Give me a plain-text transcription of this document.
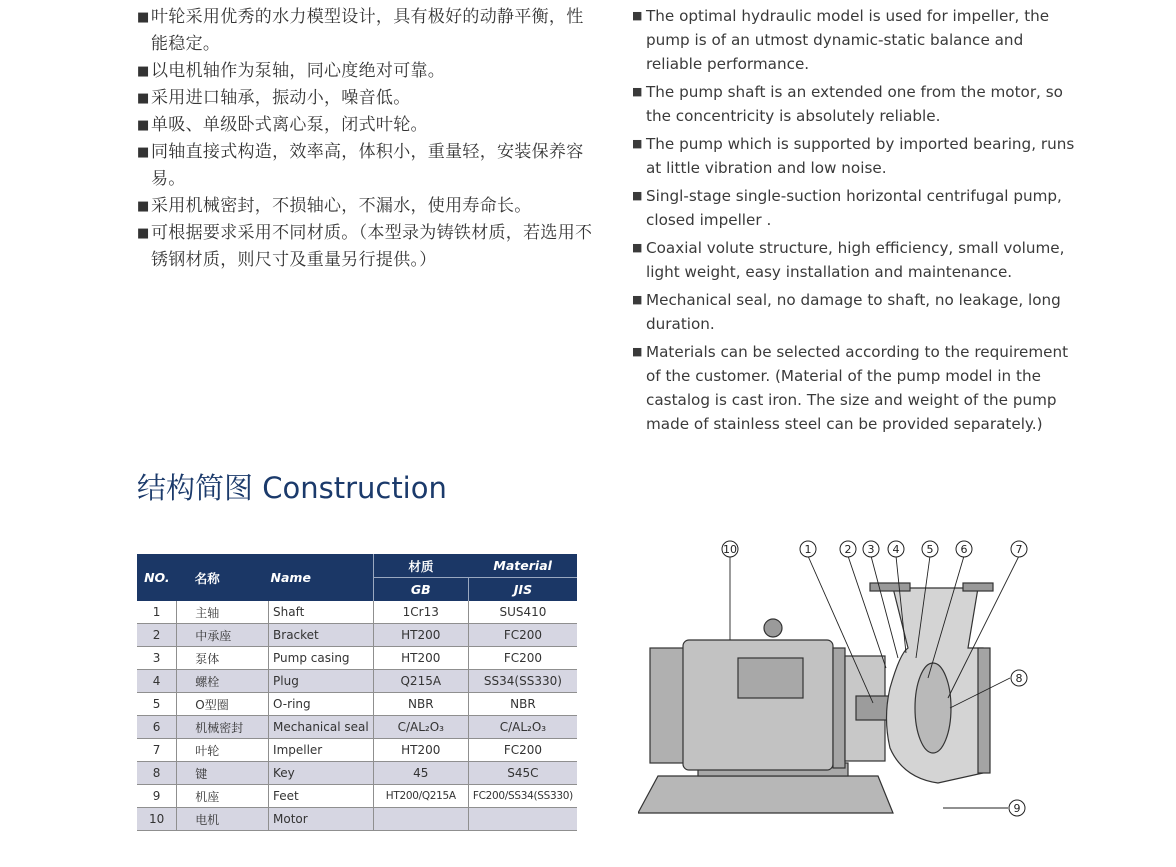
■ 叶轮采用优秀的水力模型设计，具有极好的动静平衡，性能稳定。
■ 以电机轴作为泵轴，同心度绝对可靠。
■ 采用进口轴承，振动小，噪音低。
■ 单吸、单级卧式离心泵，闭式叶轮。
■ 同轴直接式构造，效率高，体积小，重量轻，安装保养容易。
■ 采用机械密封，不损轴心，不漏水，使用寿命长。
■ 可根据要求采用不同材质。（本型录为铸铁材质，若选用不锈钢材质，则尺寸及重量另行提供。）
■ The optimal hydraulic model is used for impeller, the pump is of an utmost dynamic-static balance and reliable performance.
■ The pump shaft is an extended one from the motor, so the concentricity is absolutely reliable.
■ The pump which is supported by imported bearing, runs at little vibration and low noise.
■ Singl-stage single-suction horizontal centrifugal pump, closed impeller .
■ Coaxial volute structure, high efficiency, small volume, light weight, easy installation and maintenance.
■ Mechanical seal, no damage to shaft, no leakage, long duration.
■ Materials can be selected according to the requirement of the customer. (Material of the pump model in the castalog is cast iron. The size and weight of the pump made of stainless steel can be provided separately.)
结构简图 Construction
NO.	名称	Name	材质	Material
			GB	JIS
1	主轴	Shaft	1Cr13	SUS410
2	中承座	Bracket	HT200	FC200
3	泵体	Pump casing	HT200	FC200
4	螺栓	Plug	Q215A	SS34(SS330)
5	O型圈	O-ring	NBR	NBR
6	机械密封	Mechanical seal	C/AL₂O₃	C/AL₂O₃
7	叶轮	Impeller	HT200	FC200
8	键	Key	45	S45C
9	机座	Feet	HT200/Q215A	FC200/SS34(SS330)
10	电机	Motor		
10	1	2 3 4 5 6	7
8
9
